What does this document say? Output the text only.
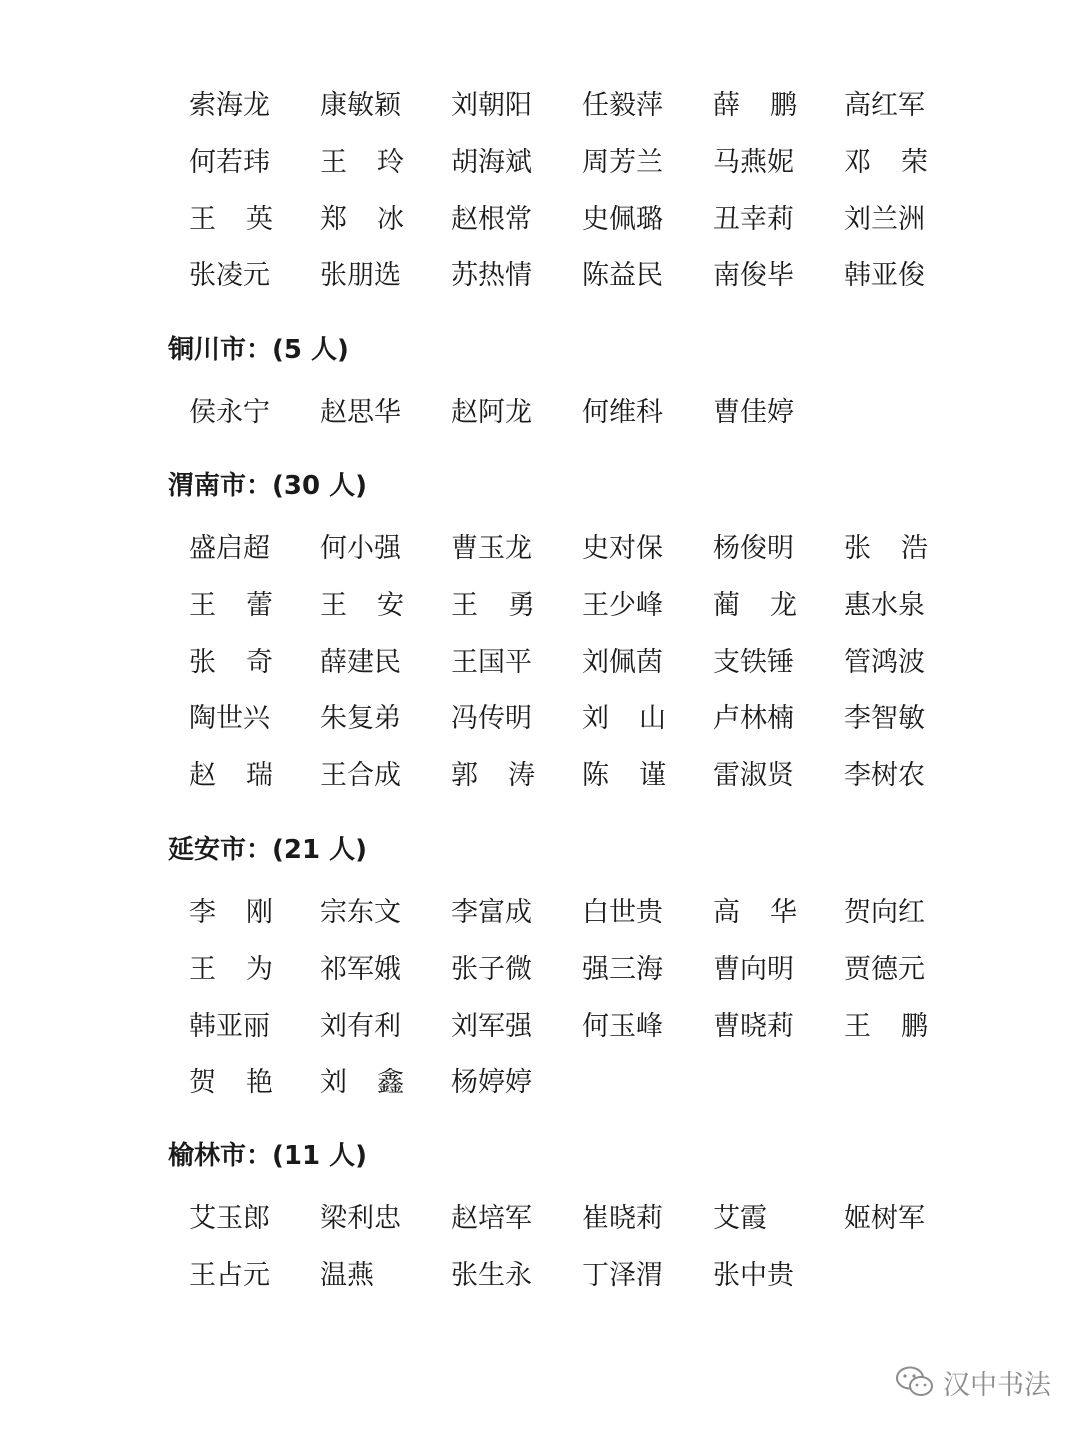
索海龙 康敏颖 刘朝阳 任毅萍 薛 鹏 高红军
何若玮 王 玲 胡海斌 周芳兰 马燕妮 邓 荣
王 英 郑 冰 赵根常 史佩璐 丑幸莉 刘兰洲
张凌元 张朋选 苏热情 陈益民 南俊毕 韩亚俊
铜川市：(5 人)
侯永宁 赵思华 赵阿龙 何维科 曹佳婷
渭南市：(30 人)
盛启超 何小强 曹玉龙 史对保 杨俊明 张 浩
王 蕾 王 安 王 勇 王少峰 蔺 龙 惠水泉
张 奇 薛建民 王国平 刘佩茵 支铁锤 管鸿波
陶世兴 朱复弟 冯传明 刘 山 卢林楠 李智敏
赵 瑞 王合成 郭 涛 陈 谨 雷淑贤 李树农
延安市：(21 人)
李 刚 宗东文 李富成 白世贵 高 华 贺向红
王 为 祁军娥 张子微 强三海 曹向明 贾德元
韩亚丽 刘有利 刘军强 何玉峰 曹晓莉 王 鹏
贺 艳 刘 鑫 杨婷婷
榆林市：(11 人)
艾玉郎 梁利忠 赵培军 崔晓莉 艾霞	姬树军
王占元 温燕	张生永 丁泽渭 张中贵
汉中书法
